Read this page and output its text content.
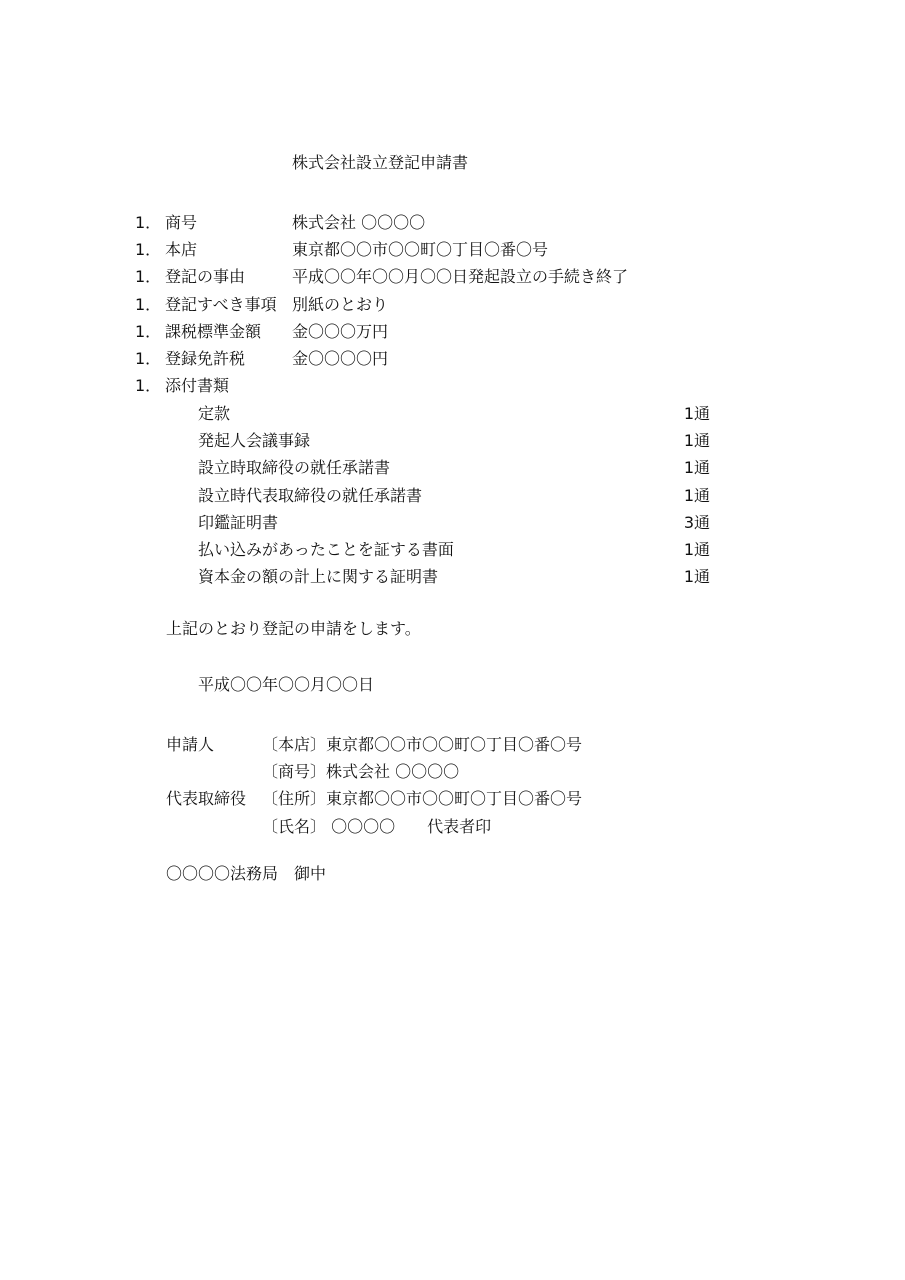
株式会社設立登記申請書
1． 商号	株式会社 〇〇〇〇
1． 本店	東京都〇〇市〇〇町〇丁目〇番〇号
1． 登記の事由	平成〇〇年〇〇月〇〇日発起設立の手続き終了
1． 登記すべき事項 別紙のとおり
1． 課税標準金額	金〇〇〇万円
1． 登録免許税	金〇〇〇〇円
1． 添付書類
定款	1通
発起人会議事録	1通
設立時取締役の就任承諾書	1通
設立時代表取締役の就任承諾書	1通
印鑑証明書	3通
払い込みがあったことを証する書面	1通
資本金の額の計上に関する証明書	1通
上記のとおり登記の申請をします。
平成〇〇年〇〇月〇〇日
申請人	〔本店〕東京都〇〇市〇〇町〇丁目〇番〇号
〔商号〕株式会社 〇〇〇〇
代表取締役 〔住所〕東京都〇〇市〇〇町〇丁目〇番〇号
〔氏名〕 〇〇〇〇　　代表者印
〇〇〇〇法務局　御中
